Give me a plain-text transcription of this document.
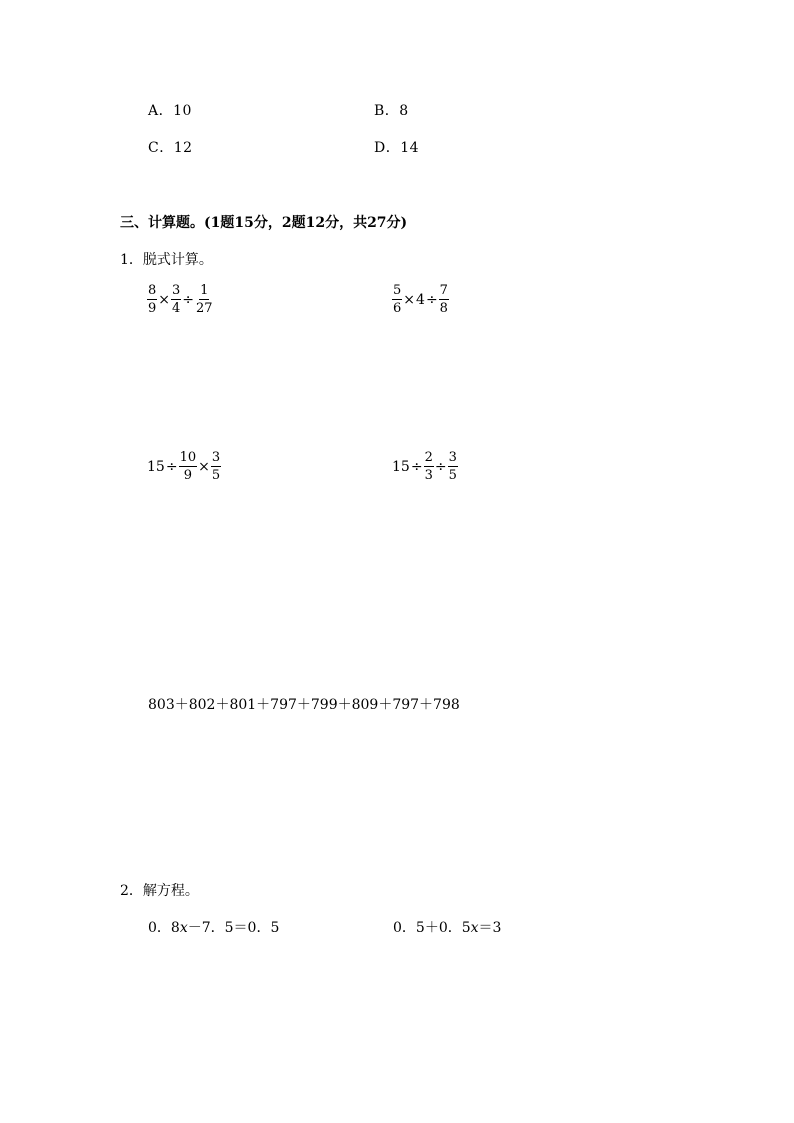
A．10	B．8
C．12	D．14
三、计算题。(1题15分，2题12分，共27分)
1．脱式计算。
$\frac{8}{9} \times \frac{3}{4} \div \frac{1}{27}$	$\frac{5}{6} \times 4 \div \frac{7}{8}$
$15 \div \frac{10}{9} \times \frac{3}{5}$	$15 \div \frac{2}{3} \div \frac{3}{5}$
803＋802＋801＋797＋799＋809＋797＋798
2．解方程。
0．8x－7．5＝0．5	0．5＋0．5x＝3
